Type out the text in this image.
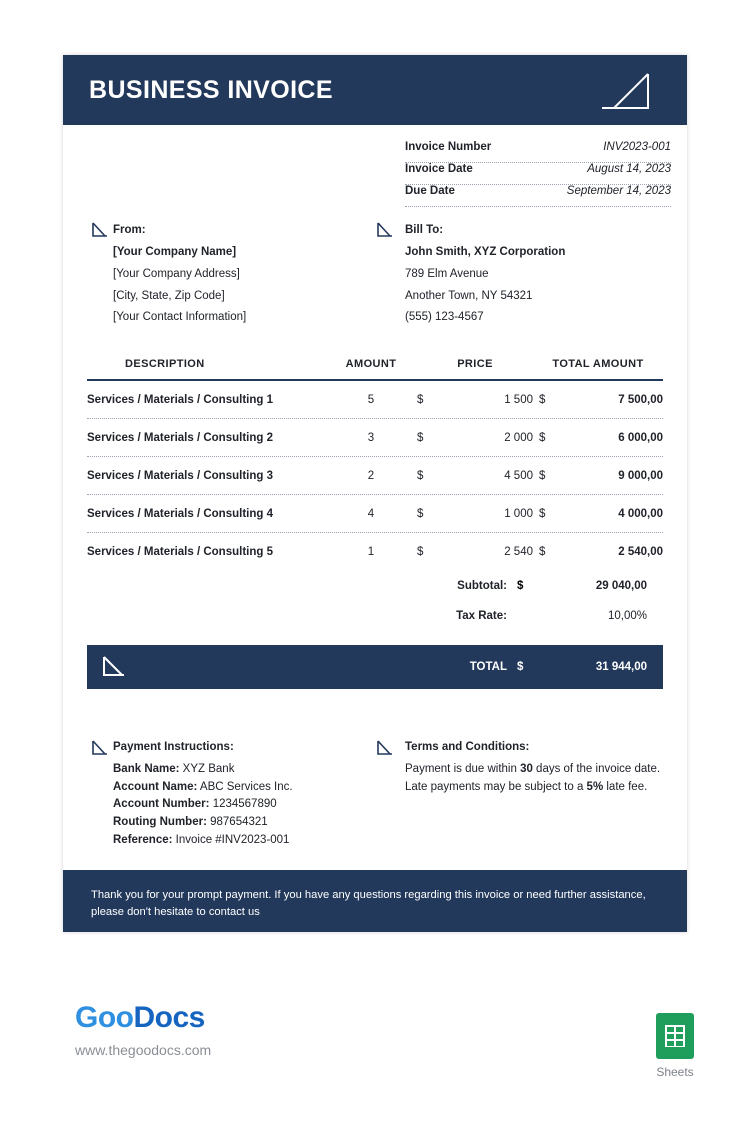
BUSINESS INVOICE
Invoice Number	INV2023-001
Invoice Date	August 14, 2023
Due Date	September 14, 2023
From:
[Your Company Name]
[Your Company Address]
[City, State, Zip Code]
[Your Contact Information]
Bill To:
John Smith, XYZ Corporation
789 Elm Avenue
Another Town, NY 54321
(555) 123-4567
DESCRIPTION	AMOUNT	PRICE	TOTAL AMOUNT
Services / Materials / Consulting 1	5	$	1 500 $	7 500,00
Services / Materials / Consulting 2	3	$	2 000 $	6 000,00
Services / Materials / Consulting 3	2	$	4 500 $	9 000,00
Services / Materials / Consulting 4	4	$	1 000 $	4 000,00
Services / Materials / Consulting 5	1	$	2 540 $	2 540,00
Subtotal: $	29 040,00
Tax Rate:	10,00%
TOTAL $	31 944,00
Payment Instructions:
Bank Name: XYZ Bank
Account Name: ABC Services Inc.
Account Number: 1234567890
Routing Number: 987654321
Reference: Invoice #INV2023-001
Terms and Conditions:
Payment is due within 30 days of the invoice date. Late payments may be subject to a 5% late fee.
Thank you for your prompt payment. If you have any questions regarding this invoice or need further assistance, please don't hesitate to contact us
GooDocs
www.thegoodocs.com
Sheets
